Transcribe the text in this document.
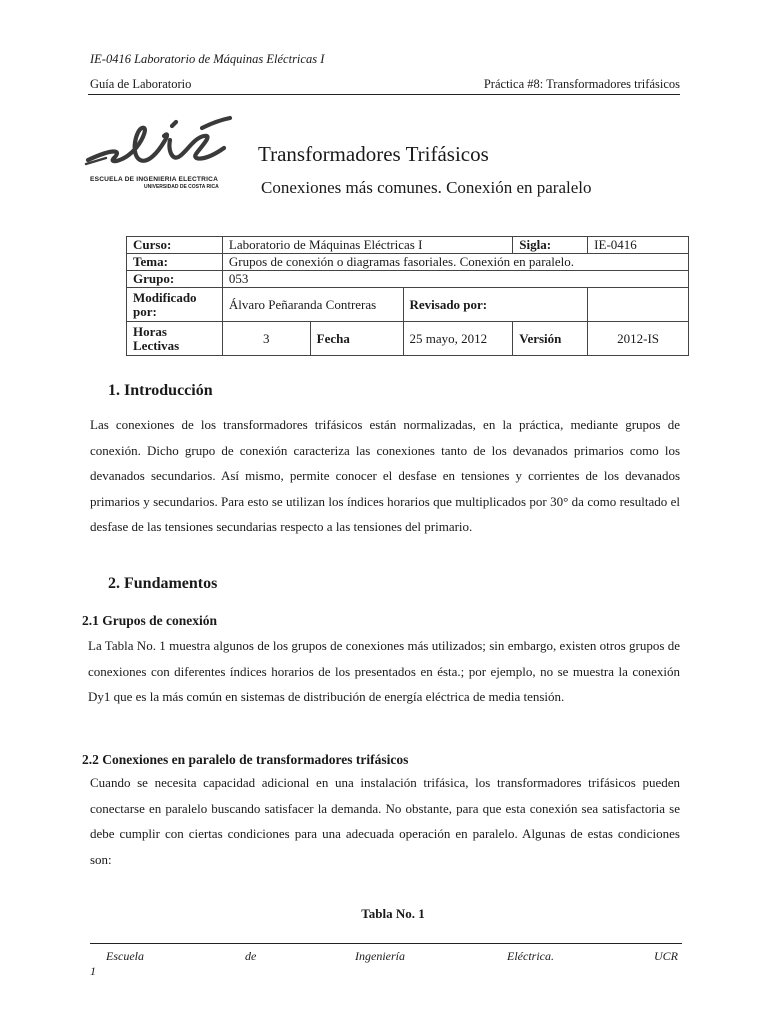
IE-0416 Laboratorio de Máquinas Eléctricas I
Guía de Laboratorio	Práctica #8: Transformadores trifásicos
ESCUELA DE INGENIERIA ELECTRICA
UNIVERSIDAD DE COSTA RICA
Transformadores Trifásicos
Conexiones más comunes. Conexión en paralelo
Curso:	Laboratorio de Máquinas Eléctricas I			Sigla:	IE-0416
Tema:	Grupos de conexión o diagramas fasoriales. Conexión en paralelo.				
Grupo:	053				
Modificado por:	Álvaro Peñaranda Contreras		Revisado por:		
Horas Lectivas	3	Fecha	25 mayo, 2012	Versión	2012-IS
1. Introducción
Las conexiones de los transformadores trifásicos están normalizadas, en la práctica, mediante grupos de conexión. Dicho grupo de conexión caracteriza las conexiones tanto de los devanados primarios como los devanados secundarios. Así mismo, permite conocer el desfase en tensiones y corrientes de los devanados primarios y secundarios. Para esto se utilizan los índices horarios que multiplicados por 30° da como resultado el desfase de las tensiones secundarias respecto a las tensiones del primario.
2. Fundamentos
2.1 Grupos de conexión
La Tabla No. 1 muestra algunos de los grupos de conexiones más utilizados; sin embargo, existen otros grupos de conexiones con diferentes índices horarios de los presentados en ésta.; por ejemplo, no se muestra la conexión Dy1 que es la más común en sistemas de distribución de energía eléctrica de media tensión.
2.2 Conexiones en paralelo de transformadores trifásicos
Cuando se necesita capacidad adicional en una instalación trifásica, los transformadores trifásicos pueden conectarse en paralelo buscando satisfacer la demanda. No obstante, para que esta conexión sea satisfactoria se debe cumplir con ciertas condiciones para una adecuada operación en paralelo. Algunas de estas condiciones son:
Tabla No. 1
Escuela	de	Ingeniería	Eléctrica.	UCR
1
